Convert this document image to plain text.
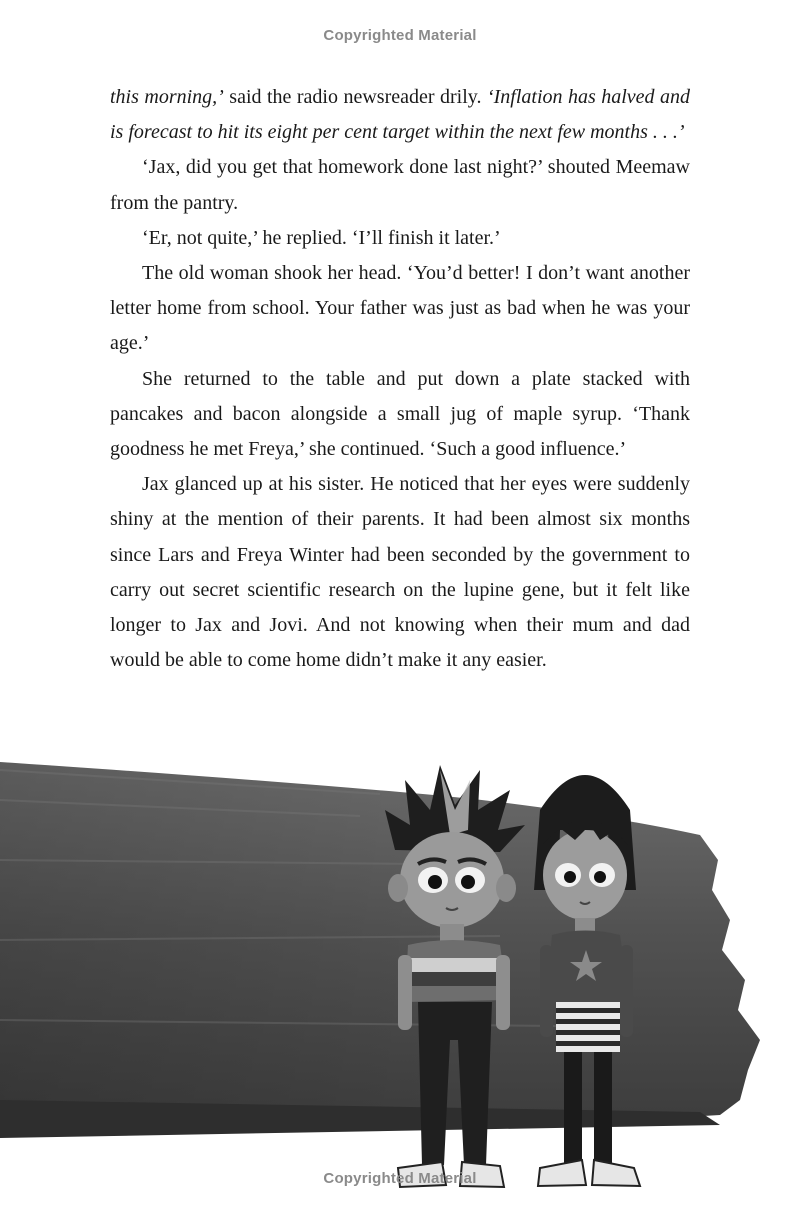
Copyrighted Material

this morning,’ said the radio newsreader drily. ‘Inflation has halved and is forecast to hit its eight per cent target within the next few months . . .’

‘Jax, did you get that homework done last night?’ shouted Meemaw from the pantry.

‘Er, not quite,’ he replied. ‘I’ll finish it later.’

The old woman shook her head. ‘You’d better! I don’t want another letter home from school. Your father was just as bad when he was your age.’

She returned to the table and put down a plate stacked with pancakes and bacon alongside a small jug of maple syrup. ‘Thank goodness he met Freya,’ she continued. ‘Such a good influence.’

Jax glanced up at his sister. He noticed that her eyes were suddenly shiny at the mention of their parents. It had been almost six months since Lars and Freya Winter had been seconded by the government to carry out secret scientific research on the lupine gene, but it felt like longer to Jax and Jovi. And not knowing when their mum and dad would be able to come home didn’t make it any easier.

Copyrighted Material
